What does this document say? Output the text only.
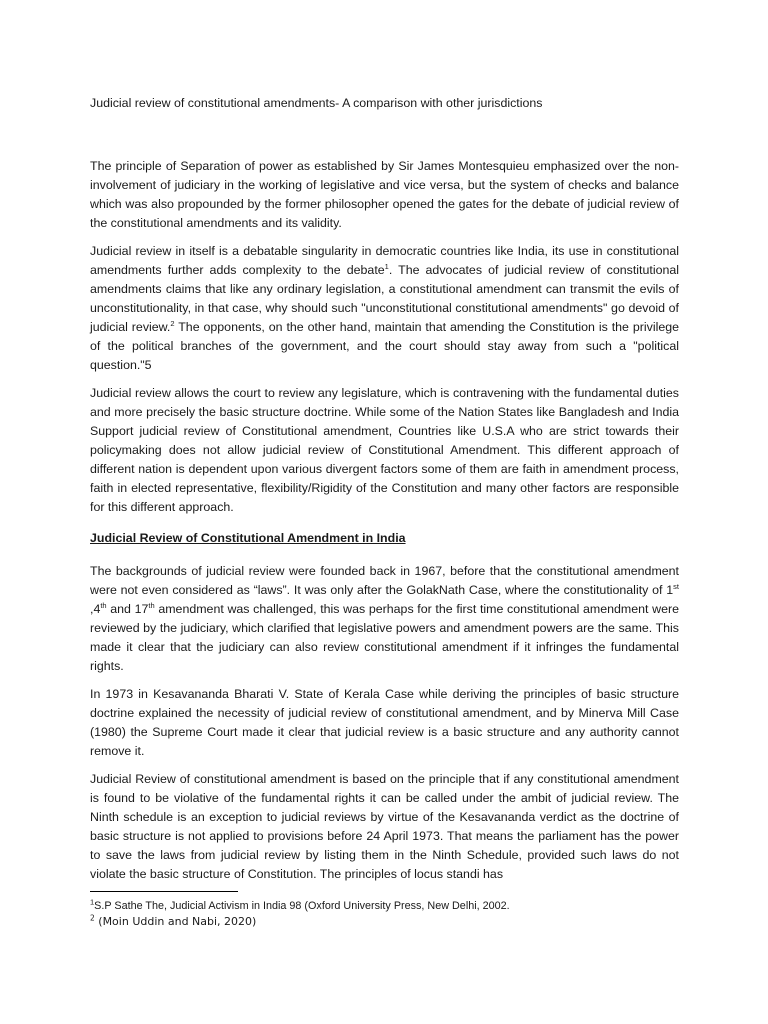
Judicial review of constitutional amendments- A comparison with other jurisdictions

The principle of Separation of power as established by Sir James Montesquieu emphasized over the non-involvement of judiciary in the working of legislative and vice versa, but the system of checks and balance which was also propounded by the former philosopher opened the gates for the debate of judicial review of the constitutional amendments and its validity.

Judicial review in itself is a debatable singularity in democratic countries like India, its use in constitutional amendments further adds complexity to the debate$^1$. The advocates of judicial review of constitutional amendments claims that like any ordinary legislation, a constitutional amendment can transmit the evils of unconstitutionality, in that case, why should such "unconstitutional constitutional amendments" go devoid of judicial review.$^2$ The opponents, on the other hand, maintain that amending the Constitution is the privilege of the political branches of the government, and the court should stay away from such a "political question."5

Judicial review allows the court to review any legislature, which is contravening with the fundamental duties and more precisely the basic structure doctrine. While some of the Nation States like Bangladesh and India Support judicial review of Constitutional amendment, Countries like U.S.A who are strict towards their policymaking does not allow judicial review of Constitutional Amendment. This different approach of different nation is dependent upon various divergent factors some of them are faith in amendment process, faith in elected representative, flexibility/Rigidity of the Constitution and many other factors are responsible for this different approach.

Judicial Review of Constitutional Amendment in India

The backgrounds of judicial review were founded back in 1967, before that the constitutional amendment were not even considered as “laws”. It was only after the GolakNath Case, where the constitutionality of 1st ,4th and 17th amendment was challenged, this was perhaps for the first time constitutional amendment were reviewed by the judiciary, which clarified that legislative powers and amendment powers are the same. This made it clear that the judiciary can also review constitutional amendment if it infringes the fundamental rights.

In 1973 in Kesavananda Bharati V. State of Kerala Case while deriving the principles of basic structure doctrine explained the necessity of judicial review of constitutional amendment, and by Minerva Mill Case (1980) the Supreme Court made it clear that judicial review is a basic structure and any authority cannot remove it.

Judicial Review of constitutional amendment is based on the principle that if any constitutional amendment is found to be violative of the fundamental rights it can be called under the ambit of judicial review. The Ninth schedule is an exception to judicial reviews by virtue of the Kesavananda verdict as the doctrine of basic structure is not applied to provisions before 24 April 1973. That means the parliament has the power to save the laws from judicial review by listing them in the Ninth Schedule, provided such laws do not violate the basic structure of Constitution. The principles of locus standi has

$^1$S.P Sathe The, Judicial Activism in India 98 (Oxford University Press, New Delhi, 2002.

$^2$ (Moin Uddin and Nabi, 2020)
